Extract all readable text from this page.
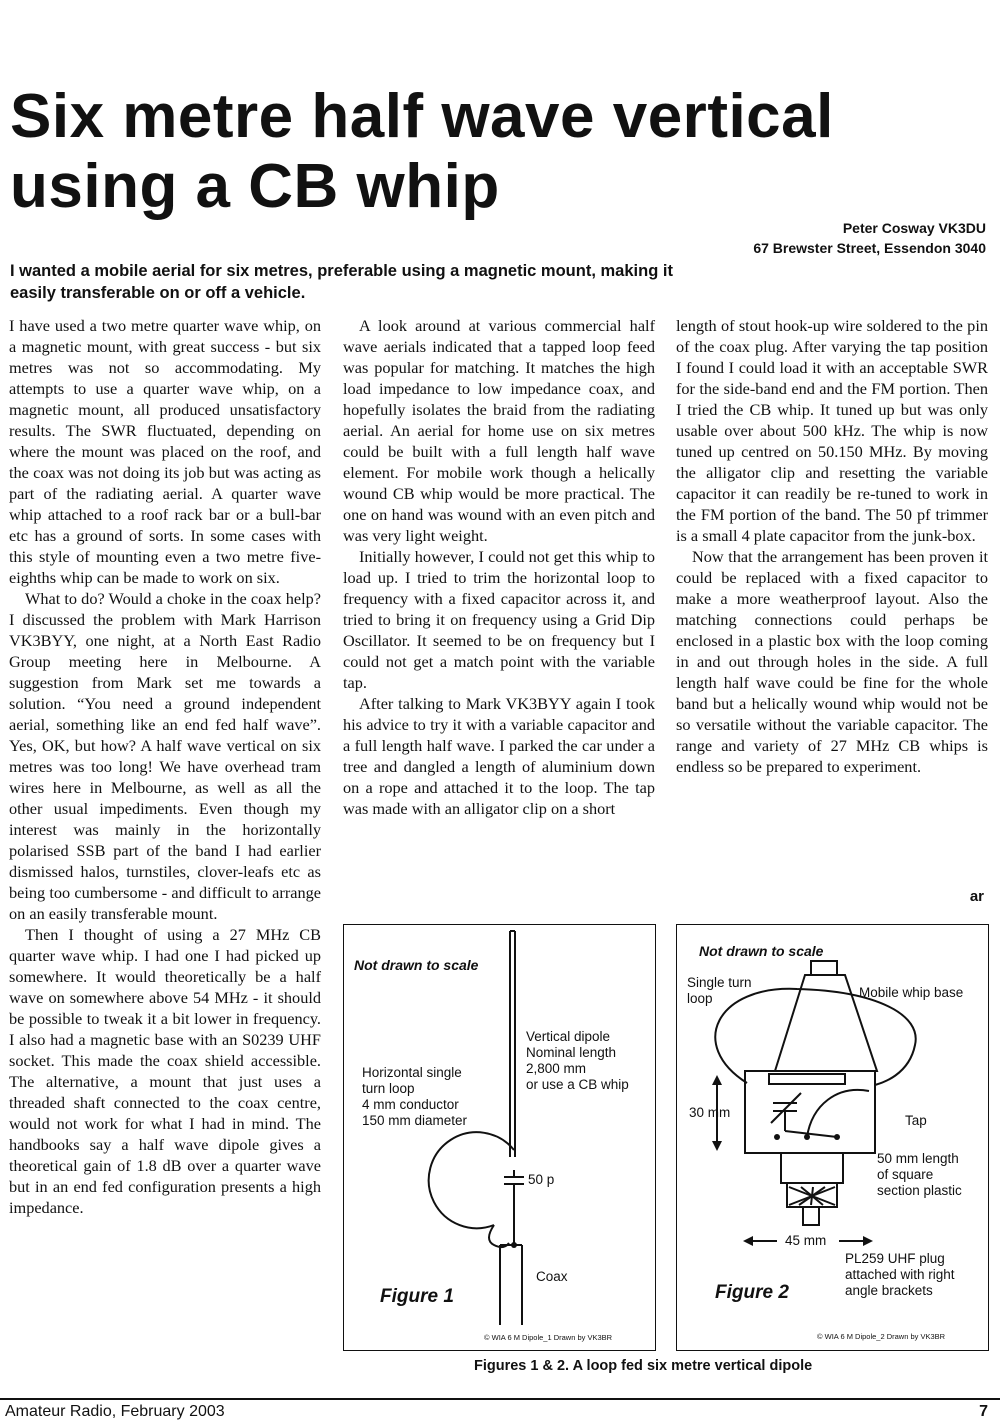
Six metre half wave vertical using a CB whip
Peter Cosway VK3DU
67 Brewster Street, Essendon 3040
I wanted a mobile aerial for six metres, preferable using a magnetic mount, making it easily transferable on or off a vehicle.

I have used a two metre quarter wave whip, on a magnetic mount, with great success - but six metres was not so accommodating. My attempts to use a quarter wave whip, on a magnetic mount, all produced unsatisfactory results. The SWR fluctuated, depending on where the mount was placed on the roof, and the coax was not doing its job but was acting as part of the radiating aerial. A quarter wave whip attached to a roof rack bar or a bull-bar etc has a ground of sorts. In some cases with this style of mounting even a two metre five-eighths whip can be made to work on six.

What to do? Would a choke in the coax help? I discussed the problem with Mark Harrison VK3BYY, one night, at a North East Radio Group meeting here in Melbourne. A suggestion from Mark set me towards a solution. “You need a ground independent aerial, something like an end fed half wave”. Yes, OK, but how? A half wave vertical on six metres was too long! We have overhead tram wires here in Melbourne, as well as all the other usual impediments. Even though my interest was mainly in the horizontally polarised SSB part of the band I had earlier dismissed halos, turnstiles, clover-leafs etc as being too cumbersome - and difficult to arrange on an easily transferable mount.

Then I thought of using a 27 MHz CB quarter wave whip. I had one I had picked up somewhere. It would theoretically be a half wave on somewhere above 54 MHz - it should be possible to tweak it a bit lower in frequency. I also had a magnetic base with an S0239 UHF socket. This made the coax shield accessible. The alternative, a mount that just uses a threaded shaft connected to the coax centre, would not work for what I had in mind. The handbooks say a half wave dipole gives a theoretical gain of 1.8 dB over a quarter wave but in an end fed configuration presents a high impedance.

A look around at various commercial half wave aerials indicated that a tapped loop feed was popular for matching. It matches the high load impedance to low impedance coax, and hopefully isolates the braid from the radiating aerial. An aerial for home use on six metres could be built with a full length half wave element. For mobile work though a helically wound CB whip would be more practical. The one on hand was wound with an even pitch and was very light weight.

Initially however, I could not get this whip to load up. I tried to trim the horizontal loop to frequency with a fixed capacitor across it, and tried to bring it on frequency using a Grid Dip Oscillator. It seemed to be on frequency but I could not get a match point with the variable tap.

After talking to Mark VK3BYY again I took his advice to try it with a variable capacitor and a full length half wave. I parked the car under a tree and dangled a length of aluminium down on a rope and attached it to the loop. The tap was made with an alligator clip on a short

length of stout hook-up wire soldered to the pin of the coax plug. After varying the tap position I found I could load it with an acceptable SWR for the side-band end and the FM portion. Then I tried the CB whip. It tuned up but was only usable over about 500 kHz. The whip is now tuned up centred on 50.150 MHz. By moving the alligator clip and resetting the variable capacitor it can readily be re-tuned to work in the FM portion of the band. The 50 pf trimmer is a small 4 plate capacitor from the junk-box.

Now that the arrangement has been proven it could be replaced with a fixed capacitor to make a more weatherproof layout. Also the matching connections could perhaps be enclosed in a plastic box with the loop coming in and out through holes in the side. A full length half wave could be fine for the whole band but a helically wound whip would not be so versatile without the variable capacitor. The range and variety of 27 MHz CB whips is endless so be prepared to experiment.

ar
Not drawn to scale
Horizontal single
turn loop
4 mm conductor
150 mm diameter
Vertical dipole
Nominal length
2,800 mm
or use a CB whip
50 p
Coax
Figure 1
© WIA 6 M Dipole_1 Drawn by VK3BR
Not drawn to scale
Single turn
loop	Mobile whip base
30 mm
Tap
50 mm length
of square
section plastic
45 mm
PL259 UHF plug
attached with right
angle brackets
Figure 2
© WIA 6 M Dipole_2 Drawn by VK3BR
Figures 1 & 2. A loop fed six metre vertical dipole
Amateur Radio, February 2003	7
